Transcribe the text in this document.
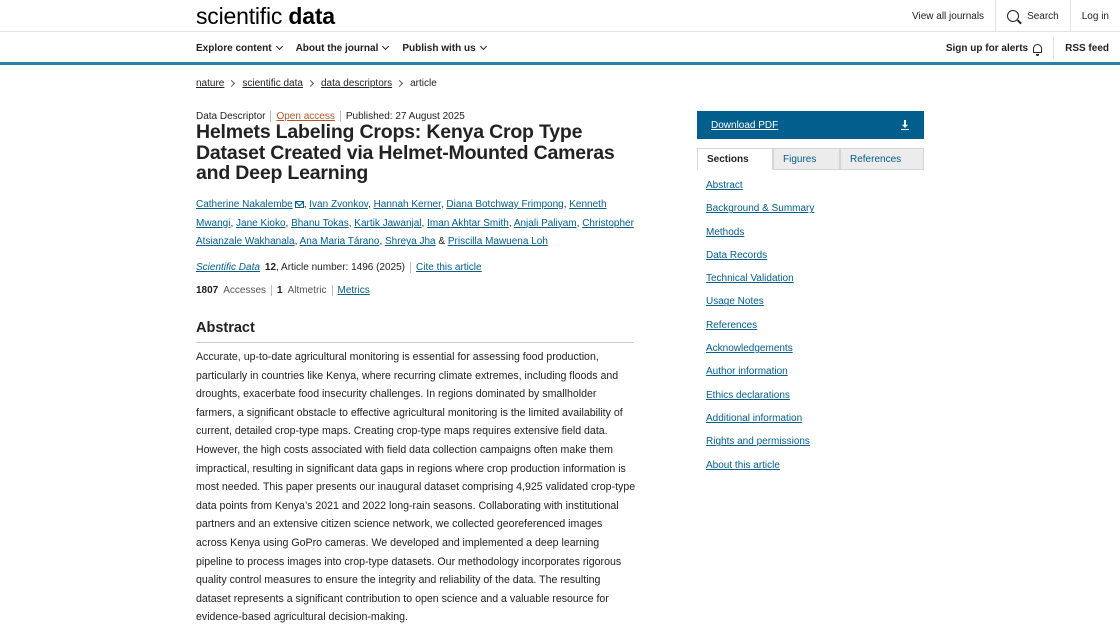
scientific data	View all journals	Search	Log in
Explore content About the journal Publish with us	Sign up for alerts	RSS feed
nature scientific data data descriptors article
Data Descriptor Open access Published: 27 August 2025
Helmets Labeling Crops: Kenya Crop Type Dataset Created via Helmet-Mounted Cameras and Deep Learning
Catherine Nakalembe , Ivan Zvonkov, Hannah Kerner, Diana Botchway Frimpong, Kenneth Mwangi, Jane Kioko, Bhanu Tokas, Kartik Jawanjal, Iman Akhtar Smith, Anjali Paliyam, Christopher Atsianzale Wakhanala, Ana Maria Tárano, Shreya Jha & Priscilla Mawuena Loh
Scientific Data 12 , Article number: 1496 (2025) Cite this article
1807 Accesses 1 Altmetric Metrics
Abstract

Accurate, up-to-date agricultural monitoring is essential for assessing food production, particularly in countries like Kenya, where recurring climate extremes, including floods and droughts, exacerbate food insecurity challenges. In regions dominated by smallholder farmers, a significant obstacle to effective agricultural monitoring is the limited availability of current, detailed crop-type maps. Creating crop-type maps requires extensive field data. However, the high costs associated with field data collection campaigns often make them impractical, resulting in significant data gaps in regions where crop production information is most needed. This paper presents our inaugural dataset comprising 4,925 validated crop-type data points from Kenya’s 2021 and 2022 long-rain seasons. Collaborating with institutional partners and an extensive citizen science network, we collected georeferenced images across Kenya using GoPro cameras. We developed and implemented a deep learning pipeline to process images into crop-type datasets. Our methodology incorporates rigorous quality control measures to ensure the integrity and reliability of the data. The resulting dataset represents a significant contribution to open science and a valuable resource for evidence-based agricultural decision-making.

Download PDF
Sections	Figures	References
Abstract
Background & Summary
Methods
Data Records
Technical Validation
Usage Notes
References
Acknowledgements
Author information
Ethics declarations
Additional information
Rights and permissions
About this article
